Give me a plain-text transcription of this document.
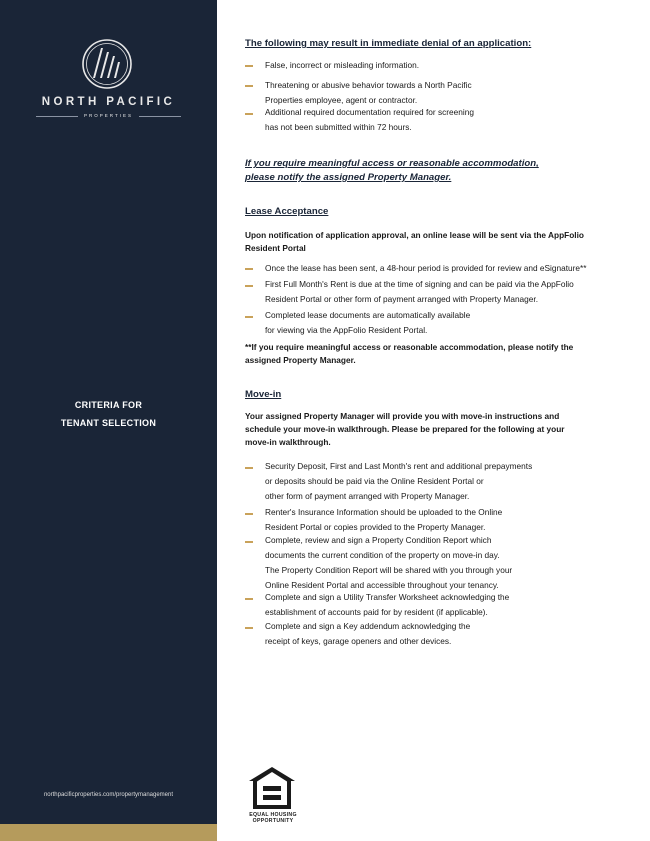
NORTH PACIFIC
PROPERTIES
CRITERIA FOR
TENANT SELECTION
northpacificproperties.com/propertymanagement
The following may result in immediate denial of an application:
False, incorrect or misleading information.
Threatening or abusive behavior towards a North Pacific
Properties employee, agent or contractor.
Additional required documentation required for screening
has not been submitted within 72 hours.
If you require meaningful access or reasonable accommodation,
please notify the assigned Property Manager.
Lease Acceptance
Upon notification of application approval, an online lease will be sent via the AppFolio
Resident Portal
Once the lease has been sent, a 48-hour period is provided for review and eSignature**
First Full Month's Rent is due at the time of signing and can be paid via the AppFolio
Resident Portal or other form of payment arranged with Property Manager.
Completed lease documents are automatically available
for viewing via the AppFolio Resident Portal.
**If you require meaningful access or reasonable accommodation, please notify the
assigned Property Manager.
Move-in
Your assigned Property Manager will provide you with move-in instructions and
schedule your move-in walkthrough. Please be prepared for the following at your
move-in walkthrough.
Security Deposit, First and Last Month's rent and additional prepayments
or deposits should be paid via the Online Resident Portal or
other form of payment arranged with Property Manager.
Renter's Insurance Information should be uploaded to the Online
Resident Portal or copies provided to the Property Manager.
Complete, review and sign a Property Condition Report which
documents the current condition of the property on move-in day.
The Property Condition Report will be shared with you through your
Online Resident Portal and accessible throughout your tenancy.
Complete and sign a Utility Transfer Worksheet acknowledging the
establishment of accounts paid for by resident (if applicable).
Complete and sign a Key addendum acknowledging the
receipt of keys, garage openers and other devices.
EQUAL HOUSING
OPPORTUNITY
